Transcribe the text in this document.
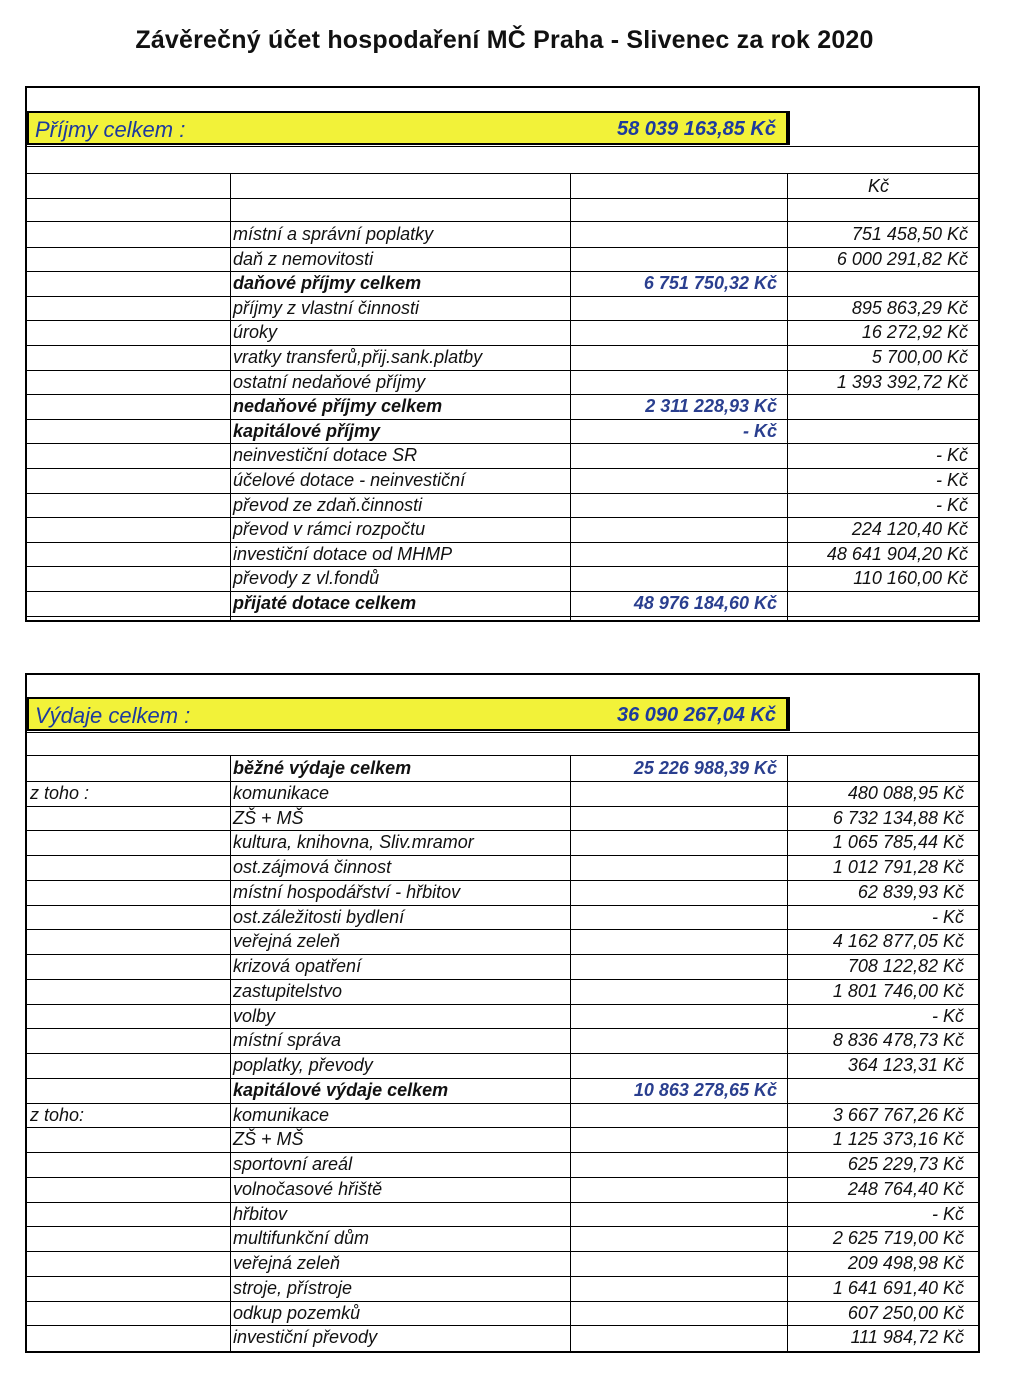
Závěrečný účet hospodaření MČ Praha - Slivenec za rok 2020
Příjmy celkem :	58 039 163,85 Kč
Kč
místní a správní poplatky	751 458,50 Kč
daň z nemovitosti	6 000 291,82 Kč
daňové příjmy celkem	6 751 750,32 Kč
příjmy z vlastní činnosti	895 863,29 Kč
úroky	16 272,92 Kč
vratky transferů,přij.sank.platby	5 700,00 Kč
ostatní nedaňové příjmy	1 393 392,72 Kč
nedaňové příjmy celkem	2 311 228,93 Kč
kapitálové příjmy	- Kč
neinvestiční dotace SR	- Kč
účelové dotace - neinvestiční	- Kč
převod ze zdaň.činnosti	- Kč
převod v rámci rozpočtu	224 120,40 Kč
investiční dotace od MHMP	48 641 904,20 Kč
převody z vl.fondů	110 160,00 Kč
přijaté dotace celkem	48 976 184,60 Kč
Výdaje celkem :	36 090 267,04 Kč
běžné výdaje celkem	25 226 988,39 Kč
z toho :	komunikace	480 088,95 Kč
ZŠ + MŠ	6 732 134,88 Kč
kultura, knihovna, Sliv.mramor	1 065 785,44 Kč
ost.zájmová činnost	1 012 791,28 Kč
místní hospodářství - hřbitov	62 839,93 Kč
ost.záležitosti bydlení	- Kč
veřejná zeleň	4 162 877,05 Kč
krizová opatření	708 122,82 Kč
zastupitelstvo	1 801 746,00 Kč
volby	- Kč
místní správa	8 836 478,73 Kč
poplatky, převody	364 123,31 Kč
kapitálové výdaje celkem	10 863 278,65 Kč
z toho:	komunikace	3 667 767,26 Kč
ZŠ + MŠ	1 125 373,16 Kč
sportovní areál	625 229,73 Kč
volnočasové hřiště	248 764,40 Kč
hřbitov	- Kč
multifunkční dům	2 625 719,00 Kč
veřejná zeleň	209 498,98 Kč
stroje, přístroje	1 641 691,40 Kč
odkup pozemků	607 250,00 Kč
investiční převody	111 984,72 Kč
